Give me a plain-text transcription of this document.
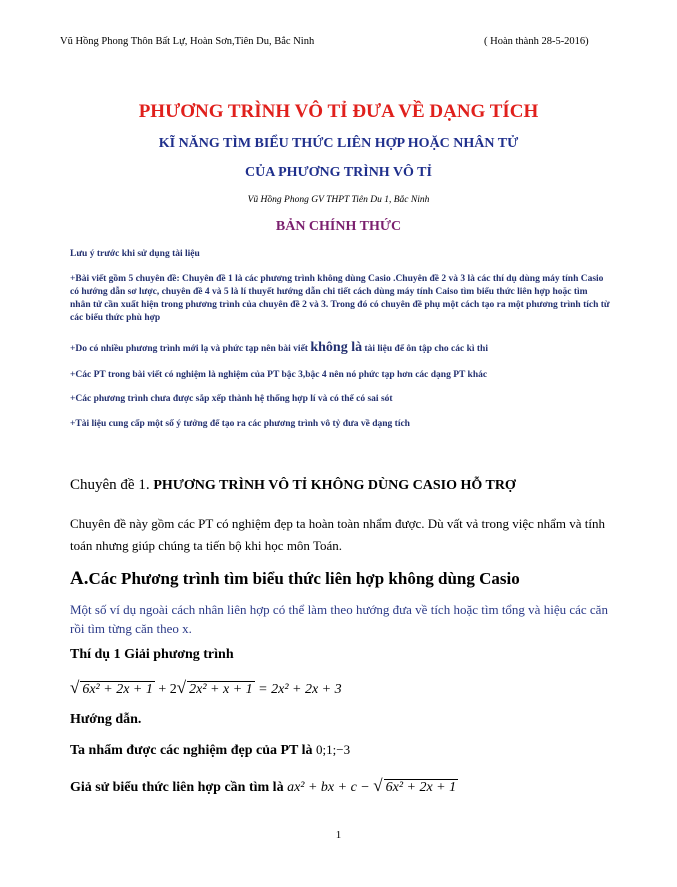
Vũ Hồng Phong Thôn Bất Lự, Hoàn Sơn,Tiên Du, Bắc Ninh	( Hoàn thành 28-5-2016)
PHƯƠNG TRÌNH VÔ TỈ ĐƯA VỀ DẠNG TÍCH
KĨ NĂNG TÌM BIỂU THỨC LIÊN HỢP HOẶC NHÂN TỬ
CỦA PHƯƠNG TRÌNH VÔ TỈ
Vũ Hồng Phong GV THPT Tiên Du 1, Bắc Ninh
BẢN CHÍNH THỨC
Lưu ý trước khi sử dụng tài liệu
+Bài viết gồm 5 chuyên đề: Chuyên đề 1 là các phương trình không dùng Casio .Chuyên đề 2 và 3 là các thí dụ dùng máy tính Casio có hướng dẫn sơ lược, chuyên đề 4 và 5 là lí thuyết hướng dẫn chi tiết cách dùng máy tính Caiso tìm biểu thức liên hợp hoặc tìm nhân tử cần xuất hiện trong phương trình của chuyên đề 2 và 3. Trong đó có chuyên đề phụ một cách tạo ra một phương trình tích từ các biểu thức phù hợp
+Do có nhiều phương trình mới lạ và phức tạp nên bài viết không là tài liệu để ôn tập cho các kì thi
+Các PT trong bài viết có nghiệm là nghiệm của PT bậc 3,bậc 4 nên nó phức tạp hơn các dạng PT khác
+Các phương trình chưa được sắp xếp thành hệ thống hợp lí và có thể có sai sót
+Tài liệu cung cấp một số ý tưởng để tạo ra các phương trình vô tỷ đưa về dạng tích
Chuyên đề 1. PHƯƠNG TRÌNH VÔ TỈ KHÔNG DÙNG CASIO HỖ TRỢ
Chuyên đề này gồm các PT có nghiệm đẹp ta hoàn toàn nhẩm được. Dù vất vả trong việc nhẩm và tính toán nhưng giúp chúng ta tiến bộ khi học môn Toán.
A.Các Phương trình tìm biểu thức liên hợp không dùng Casio
Một số ví dụ ngoài cách nhân liên hợp có thể làm theo hướng đưa về tích hoặc tìm tổng và hiệu các căn rồi tìm từng căn theo x.
Thí dụ 1 Giải phương trình
√ 6x² + 2x + 1 + 2√ 2x² + x + 1 = 2x² + 2x + 3
Hướng dẫn.
Ta nhẩm được các nghiệm đẹp của PT là 0;1;−3
Giả sử biểu thức liên hợp cần tìm là ax² + bx + c − √ 6x² + 2x + 1
1
